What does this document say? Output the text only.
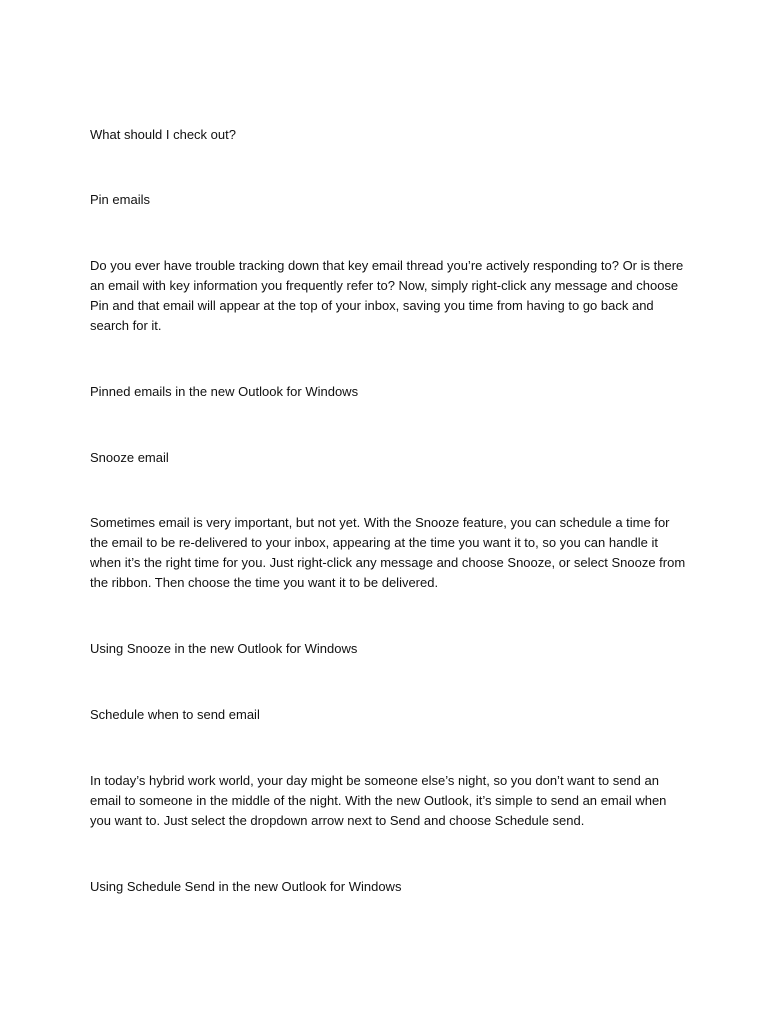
What should I check out?

Pin emails

Do you ever have trouble tracking down that key email thread you’re actively responding to? Or is there
an email with key information you frequently refer to? Now, simply right-click any message and choose
Pin and that email will appear at the top of your inbox, saving you time from having to go back and
search for it.

Pinned emails in the new Outlook for Windows

Snooze email

Sometimes email is very important, but not yet. With the Snooze feature, you can schedule a time for
the email to be re-delivered to your inbox, appearing at the time you want it to, so you can handle it
when it’s the right time for you. Just right-click any message and choose Snooze, or select Snooze from
the ribbon. Then choose the time you want it to be delivered.

Using Snooze in the new Outlook for Windows

Schedule when to send email

In today’s hybrid work world, your day might be someone else’s night, so you don’t want to send an
email to someone in the middle of the night. With the new Outlook, it’s simple to send an email when
you want to. Just select the dropdown arrow next to Send and choose Schedule send.

Using Schedule Send in the new Outlook for Windows
